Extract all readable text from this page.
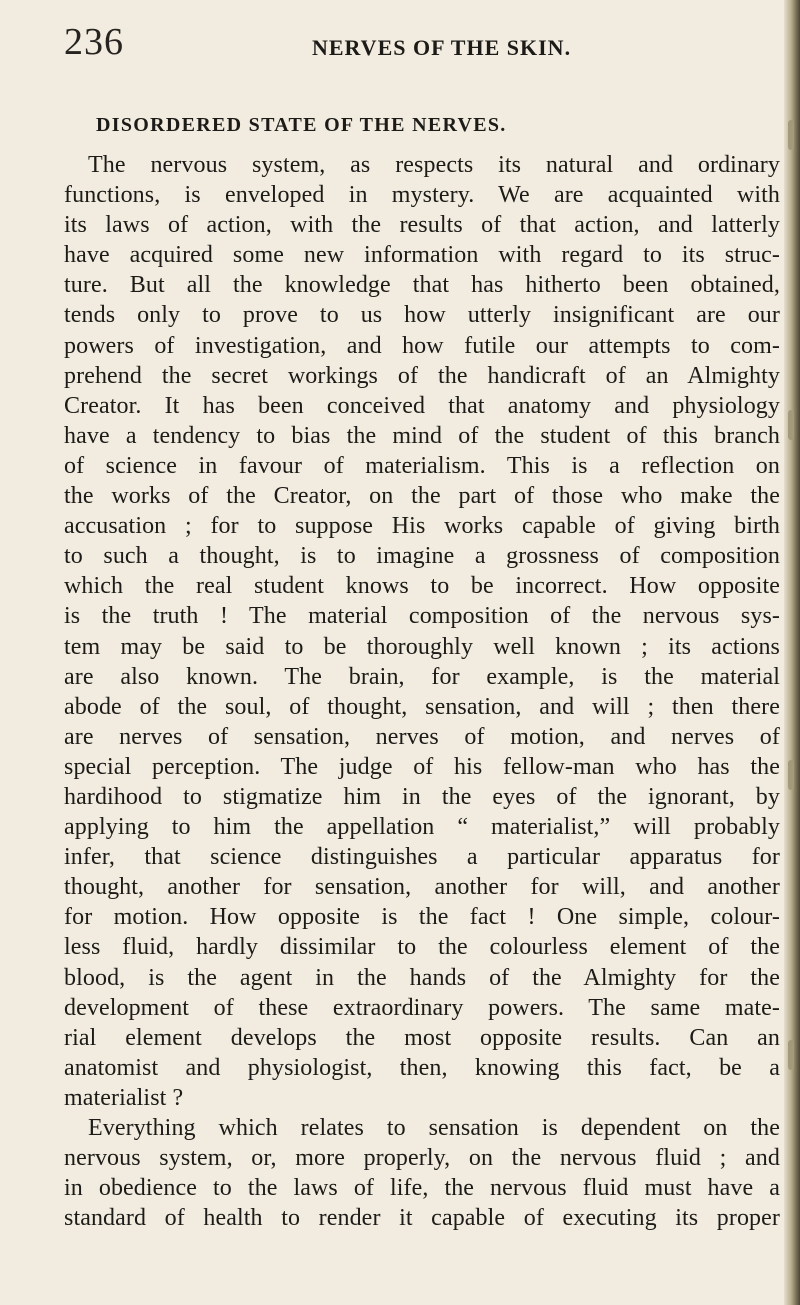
236	NERVES OF THE SKIN.
DISORDERED STATE OF THE NERVES.
The nervous system, as respects its natural and ordinary
functions, is enveloped in mystery. We are acquainted with
its laws of action, with the results of that action, and latterly
have acquired some new information with regard to its struc-
ture. But all the knowledge that has hitherto been obtained,
tends only to prove to us how utterly insignificant are our
powers of investigation, and how futile our attempts to com-
prehend the secret workings of the handicraft of an Almighty
Creator. It has been conceived that anatomy and physiology
have a tendency to bias the mind of the student of this branch
of science in favour of materialism. This is a reflection on
the works of the Creator, on the part of those who make the
accusation ; for to suppose His works capable of giving birth
to such a thought, is to imagine a grossness of composition
which the real student knows to be incorrect. How opposite
is the truth ! The material composition of the nervous sys-
tem may be said to be thoroughly well known ; its actions
are also known. The brain, for example, is the material
abode of the soul, of thought, sensation, and will ; then there
are nerves of sensation, nerves of motion, and nerves of
special perception. The judge of his fellow-man who has the
hardihood to stigmatize him in the eyes of the ignorant, by
applying to him the appellation “ materialist,” will probably
infer, that science distinguishes a particular apparatus for
thought, another for sensation, another for will, and another
for motion. How opposite is the fact ! One simple, colour-
less fluid, hardly dissimilar to the colourless element of the
blood, is the agent in the hands of the Almighty for the
development of these extraordinary powers. The same mate-
rial element develops the most opposite results. Can an
anatomist and physiologist, then, knowing this fact, be a
materialist ?
Everything which relates to sensation is dependent on the
nervous system, or, more properly, on the nervous fluid ; and
in obedience to the laws of life, the nervous fluid must have a
standard of health to render it capable of executing its proper
